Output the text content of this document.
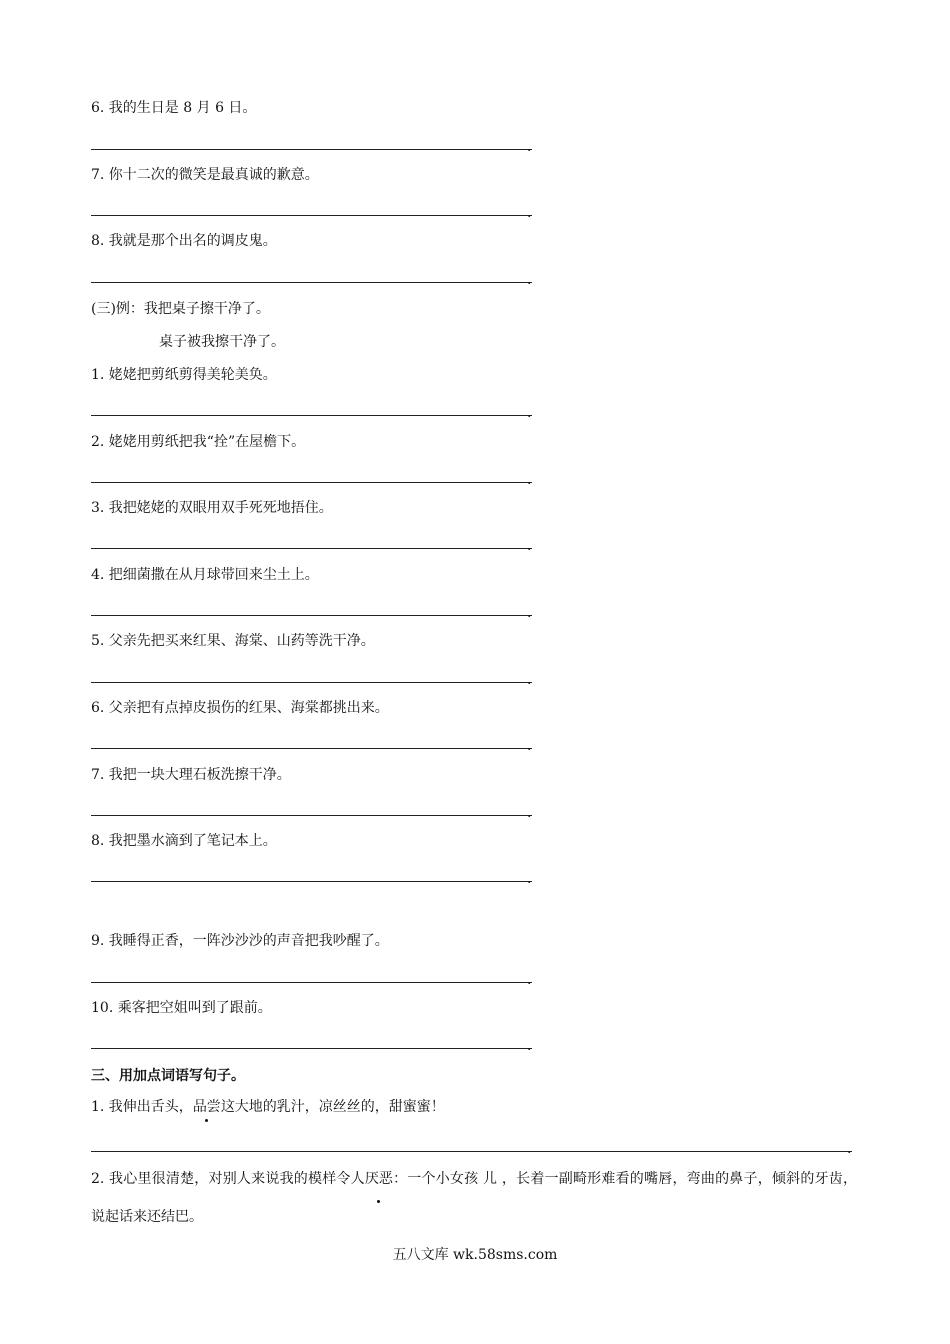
6. 我的生日是 8 月 6 日。

.

7. 你十二次的微笑是最真诚的歉意。

.

8. 我就是那个出名的调皮鬼。

.

(三)例：我把桌子擦干净了。

桌子被我擦干净了。

1. 姥姥把剪纸剪得美轮美奂。

.

2. 姥姥用剪纸把我“拴”在屋檐下。

.

3. 我把姥姥的双眼用双手死死地捂住。

.

4. 把细菌撒在从月球带回来尘土上。

.

5. 父亲先把买来红果、海棠、山药等洗干净。

.

6. 父亲把有点掉皮损伤的红果、海棠都挑出来。

.

7. 我把一块大理石板洗擦干净。

.

8. 我把墨水滴到了笔记本上。

.

9. 我睡得正香，一阵沙沙沙的声音把我吵醒了。

.

10. 乘客把空姐叫到了跟前。

.
三、用加点词语写句子。

1. 我伸出舌头，品尝这大地的乳汁，凉丝丝的，甜蜜蜜！

.
2. 我心里很清楚，对别人来说我的模样令人厌恶：一个小女孩 儿 ，长着一副畸形难看的嘴唇，弯曲的鼻子，倾斜的牙齿，说起话来还结巴。
五八文库 wk.58sms.com
